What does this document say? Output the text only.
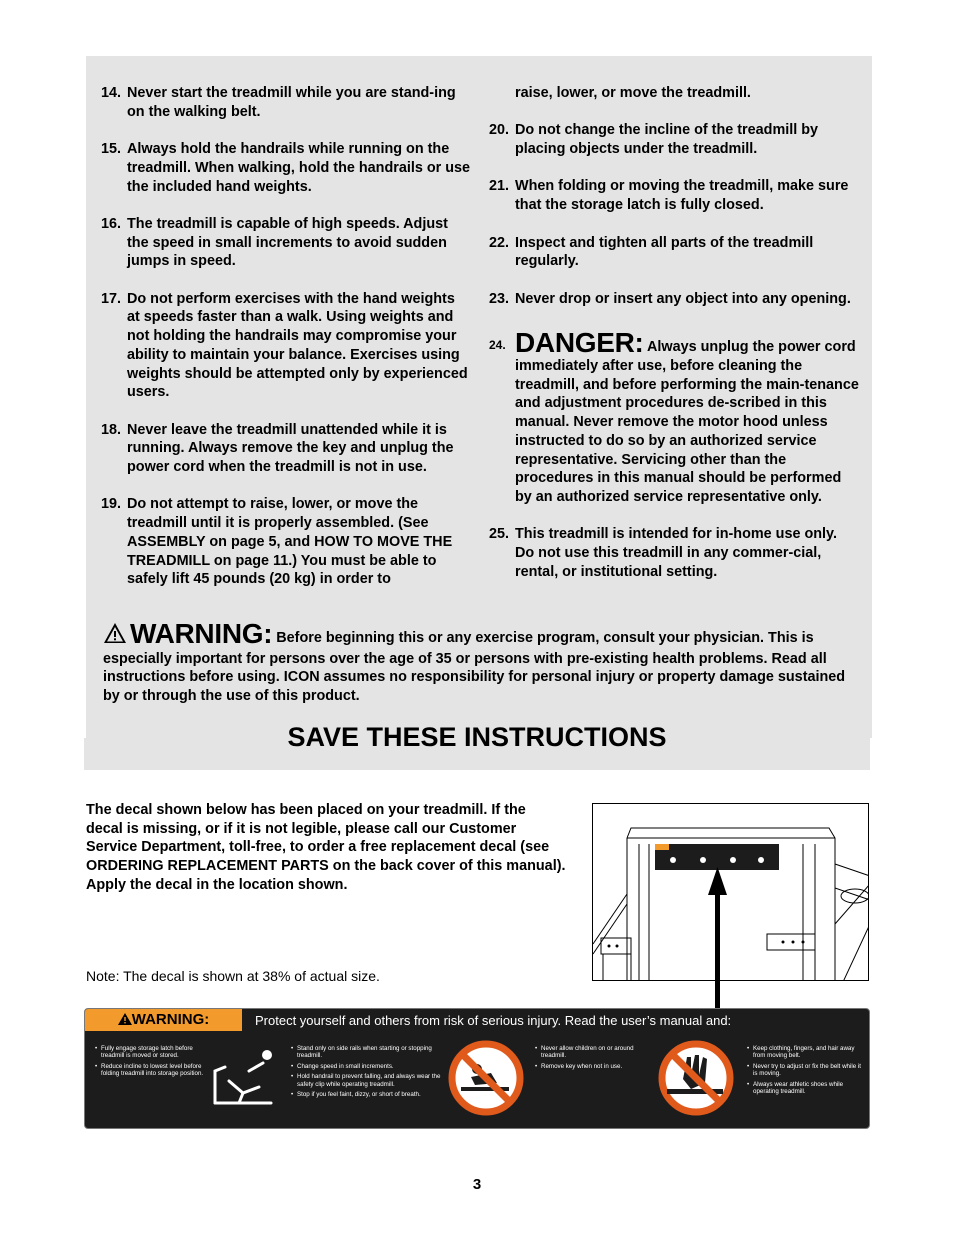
14. Never start the treadmill while you are stand-ing on the walking belt.
15. Always hold the handrails while running on the treadmill. When walking, hold the handrails or use the included hand weights.
16. The treadmill is capable of high speeds. Adjust the speed in small increments to avoid sudden jumps in speed.
17. Do not perform exercises with the hand weights at speeds faster than a walk. Using weights and not holding the handrails may compromise your ability to maintain your balance. Exercises using weights should be attempted only by experienced users.
18. Never leave the treadmill unattended while it is running. Always remove the key and unplug the power cord when the treadmill is not in use.
19. Do not attempt to raise, lower, or move the treadmill until it is properly assembled. (See ASSEMBLY on page 5, and HOW TO MOVE THE TREADMILL on page 11.) You must be able to safely lift 45 pounds (20 kg) in order to
raise, lower, or move the treadmill.
20. Do not change the incline of the treadmill by placing objects under the treadmill.
21. When folding or moving the treadmill, make sure that the storage latch is fully closed.
22. Inspect and tighten all parts of the treadmill regularly.
23. Never drop or insert any object into any opening.
24. DANGER: Always unplug the power cord immediately after use, before cleaning the treadmill, and before performing the main-tenance and adjustment procedures de-scribed in this manual. Never remove the motor hood unless instructed to do so by an authorized service representative. Servicing other than the procedures in this manual should be performed by an authorized service representative only.
25. This treadmill is intended for in-home use only. Do not use this treadmill in any commer-cial, rental, or institutional setting.
WARNING: Before beginning this or any exercise program, consult your physician. This is especially important for persons over the age of 35 or persons with pre-existing health problems. Read all instructions before using. ICON assumes no responsibility for personal injury or property damage sustained by or through the use of this product.
SAVE THESE INSTRUCTIONS
The decal shown below has been placed on your treadmill. If the decal is missing, or if it is not legible, please call our Customer Service Department, toll-free, to order a free replacement decal (see ORDERING REPLACEMENT PARTS on the back cover of this manual). Apply the decal in the location shown.
Note: The decal is shown at 38% of actual size.
WARNING:	Protect yourself and others from risk of serious injury. Read the user’s manual and:
• Fully engage storage latch before treadmill is moved or stored.
• Reduce incline to lowest level before folding treadmill into storage position.
• Stand only on side rails when starting or stopping treadmill.
• Change speed in small increments.
• Hold handrail to prevent falling, and always wear the safety clip while operating treadmill.
• Stop if you feel faint, dizzy, or short of breath.
• Never allow children on or around treadmill.
• Remove key when not in use.
• Keep clothing, fingers, and hair away from moving belt.
• Never try to adjust or fix the belt while it is moving.
• Always wear athletic shoes while operating treadmill.
3
